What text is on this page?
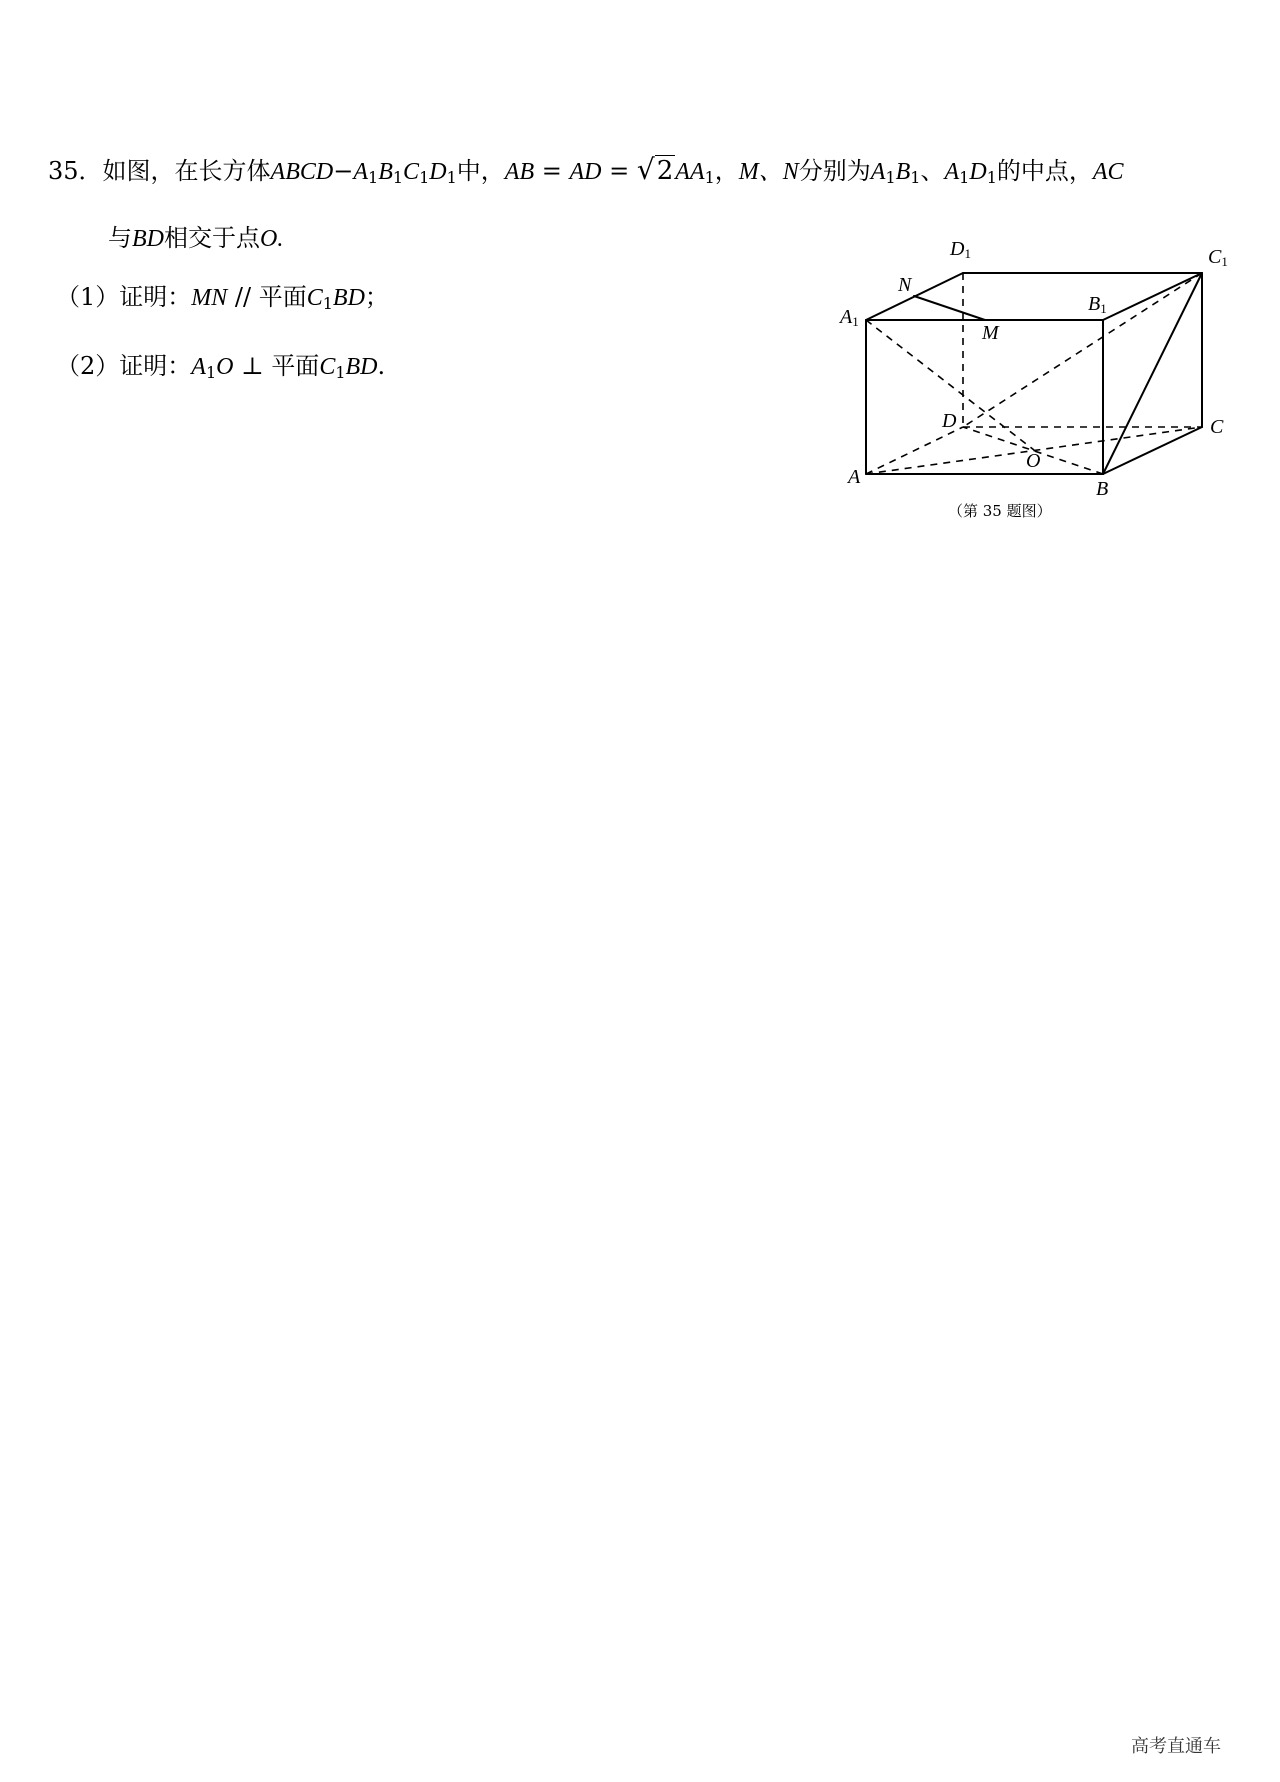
35．如图，在长方体$ABCD-A_1B_1C_1D_1$中，AB = AD = $√2AA_1$，M、N分别为$A_1B_1$、$A_1D_1$的中点，AC
与BD相交于点O.
（1）证明：MN // 平面$C_1BD$；
（2）证明：$A_1O$ ⊥ 平面$C_1BD$.
$D_1$	$C_1$
N
$B_1$
$A_1$
M
D	C
O
A
B
（第 35 题图）
高考直通车
